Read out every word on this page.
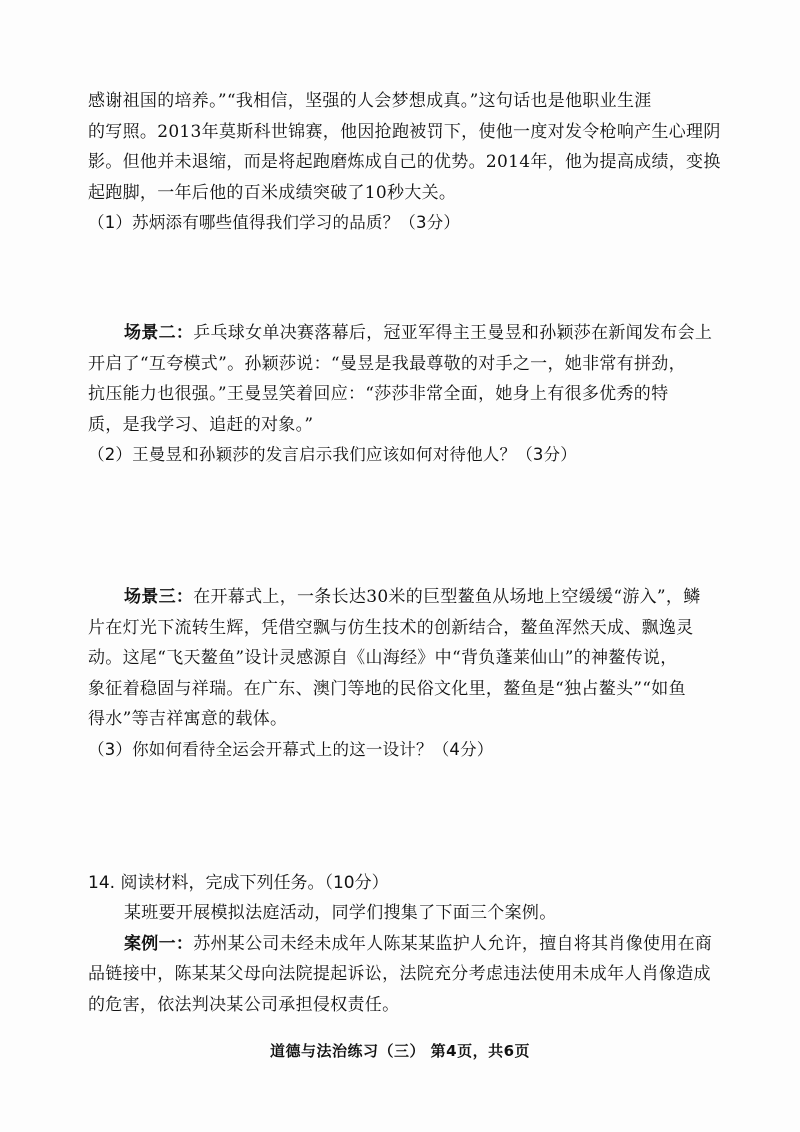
感谢祖国的培养。”“我相信，坚强的人会梦想成真。”这句话也是他职业生涯
的写照。2013年莫斯科世锦赛，他因抢跑被罚下，使他一度对发令枪响产生心理阴
影。但他并未退缩，而是将起跑磨炼成自己的优势。2014年，他为提高成绩，变换
起跑脚，一年后他的百米成绩突破了10秒大关。
（1）苏炳添有哪些值得我们学习的品质？（3分）
场景二：乒乓球女单决赛落幕后，冠亚军得主王曼昱和孙颖莎在新闻发布会上
开启了“互夸模式”。孙颖莎说：“曼昱是我最尊敬的对手之一，她非常有拼劲，
抗压能力也很强。”王曼昱笑着回应：“莎莎非常全面，她身上有很多优秀的特
质，是我学习、追赶的对象。”
（2）王曼昱和孙颖莎的发言启示我们应该如何对待他人？（3分）
场景三：在开幕式上，一条长达30米的巨型鳌鱼从场地上空缓缓“游入”，鳞
片在灯光下流转生辉，凭借空飘与仿生技术的创新结合，鳌鱼浑然天成、飘逸灵
动。这尾“飞天鳌鱼”设计灵感源自《山海经》中“背负蓬莱仙山”的神鳌传说，
象征着稳固与祥瑞。在广东、澳门等地的民俗文化里，鳌鱼是“独占鳌头”“如鱼
得水”等吉祥寓意的载体。
（3）你如何看待全运会开幕式上的这一设计？（4分）
14. 阅读材料，完成下列任务。（10分）
某班要开展模拟法庭活动，同学们搜集了下面三个案例。
案例一：苏州某公司未经未成年人陈某某监护人允许，擅自将其肖像使用在商
品链接中，陈某某父母向法院提起诉讼，法院充分考虑违法使用未成年人肖像造成
的危害，依法判决某公司承担侵权责任。
道德与法治练习（三） 第4页，共6页
